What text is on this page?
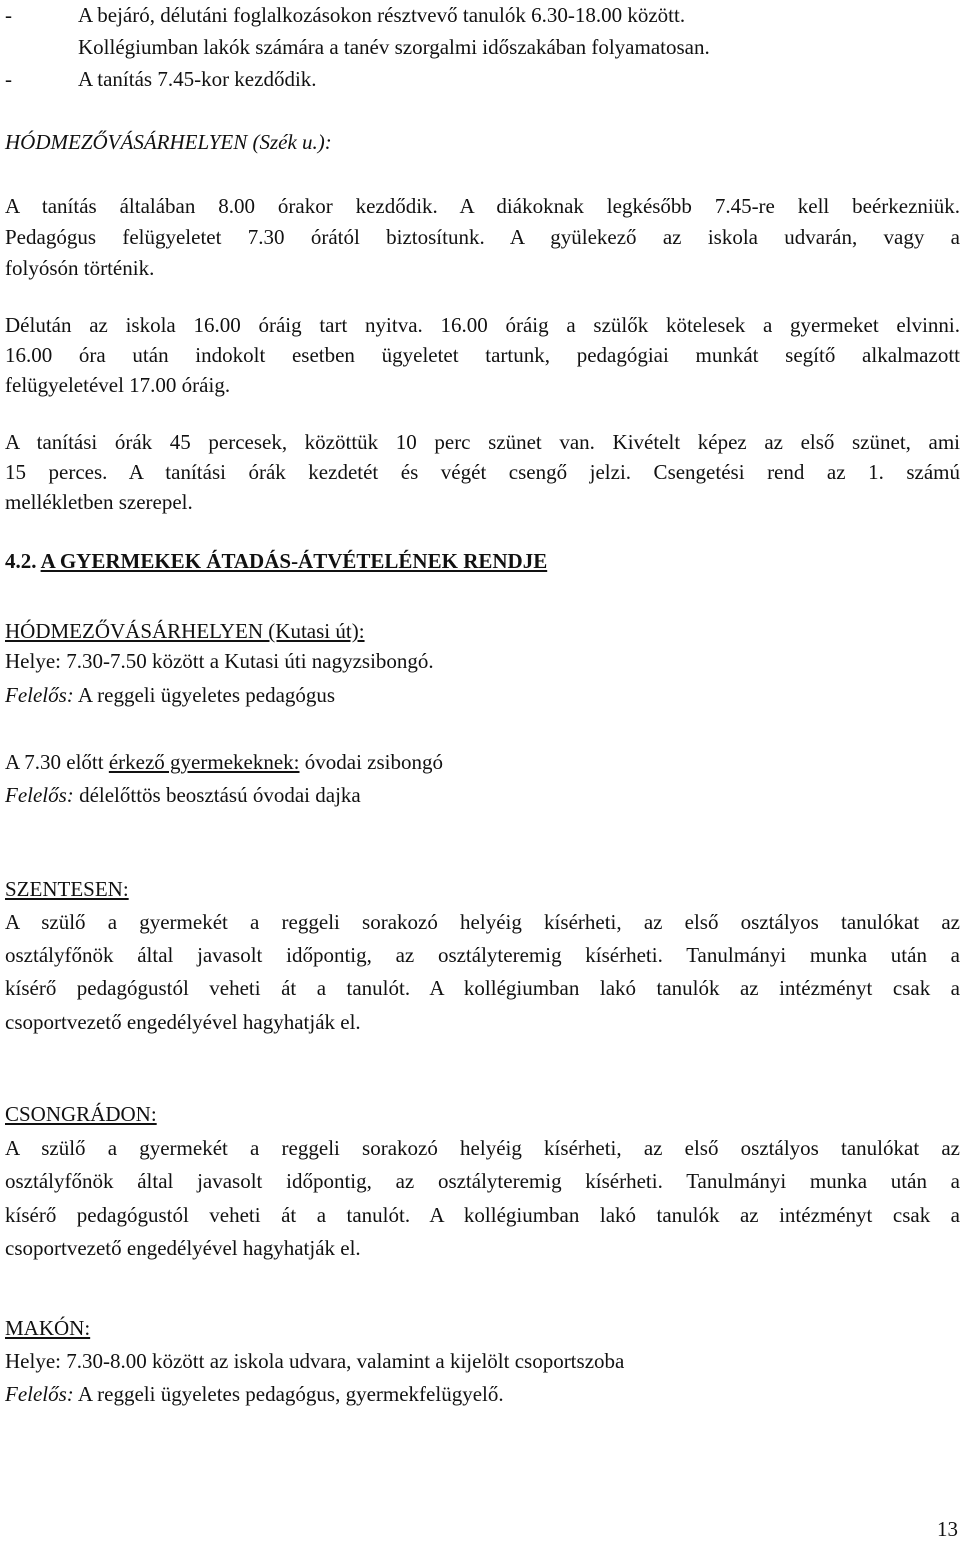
-	A bejáró, délutáni foglalkozásokon résztvevő tanulók 6.30-18.00 között.
Kollégiumban lakók számára a tanév szorgalmi időszakában folyamatosan.
-	A tanítás 7.45-kor kezdődik.
HÓDMEZŐVÁSÁRHELYEN (Szék u.):
A tanítás általában 8.00 órakor kezdődik. A diákoknak legkésőbb 7.45-re kell beérkezniük.
Pedagógus felügyeletet 7.30 órától biztosítunk. A gyülekező az iskola udvarán, vagy a
folyósón történik.
Délután az iskola 16.00 óráig tart nyitva. 16.00 óráig a szülők kötelesek a gyermeket elvinni.
16.00 óra után indokolt esetben ügyeletet tartunk, pedagógiai munkát segítő alkalmazott
felügyeletével 17.00 óráig.
A tanítási órák 45 percesek, közöttük 10 perc szünet van. Kivételt képez az első szünet, ami
15 perces. A tanítási órák kezdetét és végét csengő jelzi. Csengetési rend az 1. számú
mellékletben szerepel.
4.2. A GYERMEKEK ÁTADÁS-ÁTVÉTELÉNEK RENDJE
HÓDMEZŐVÁSÁRHELYEN (Kutasi út):
Helye: 7.30-7.50 között a Kutasi úti nagyzsibongó.
Felelős: A reggeli ügyeletes pedagógus
A 7.30 előtt érkező gyermekeknek: óvodai zsibongó
Felelős: délelőttös beosztású óvodai dajka
SZENTESEN:
A szülő a gyermekét a reggeli sorakozó helyéig kísérheti, az első osztályos tanulókat az
osztályfőnök által javasolt időpontig, az osztályteremig kísérheti. Tanulmányi munka után a
kísérő pedagógustól veheti át a tanulót. A kollégiumban lakó tanulók az intézményt csak a
csoportvezető engedélyével hagyhatják el.
CSONGRÁDON:
A szülő a gyermekét a reggeli sorakozó helyéig kísérheti, az első osztályos tanulókat az
osztályfőnök által javasolt időpontig, az osztályteremig kísérheti. Tanulmányi munka után a
kísérő pedagógustól veheti át a tanulót. A kollégiumban lakó tanulók az intézményt csak a
csoportvezető engedélyével hagyhatják el.
MAKÓN:
Helye: 7.30-8.00 között az iskola udvara, valamint a kijelölt csoportszoba
Felelős: A reggeli ügyeletes pedagógus, gyermekfelügyelő.
13
